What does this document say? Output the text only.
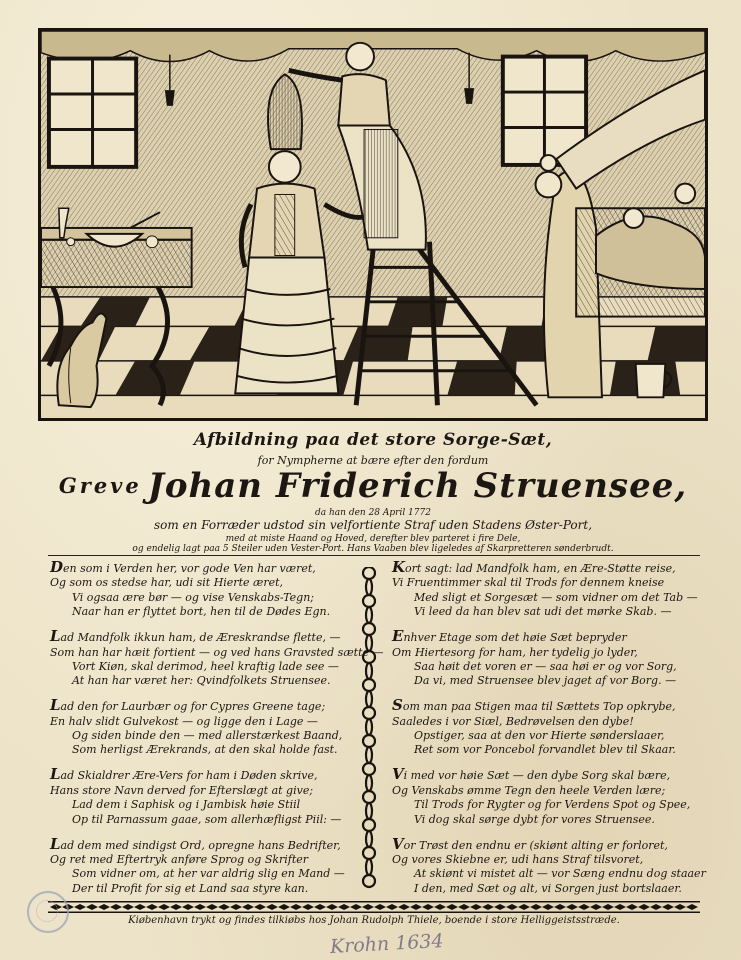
Afbildning paa det store Sorge-Sæt,
for Nympherne at bære efter den fordum
Greve Johan Friderich Struensee,
da han den 28 April 1772
som en Forræder udstod sin velfortiente Straf uden Stadens Øster-Port,
med at miste Haand og Hoved, derefter blev parteret i fire Dele,
og endelig lagt paa 5 Steiler uden Vester-Port. Hans Vaaben blev ligeledes af Skarpretteren sønderbrudt.
Den som i Verden her, vor gode Ven har været,
Og som os stedse har, udi sit Hierte æret,
Vi ogsaa ære bør — og vise Venskabs-Tegn;
Naar han er flyttet bort, hen til de Dødes Egn.
Lad Mandfolk ikkun ham, de Æreskrandse flette, —
Som han har hæit fortient — og ved hans Gravsted sætte —
Vort Kiøn, skal derimod, heel kraftig lade see —
At han har været her: Qvindfolkets Struensee.
Lad den for Laurbær og for Cypres Greene tage;
En halv slidt Gulvekost — og ligge den i Lage —
Og siden binde den — med allerstærkest Baand,
Som herligst Ærekrands, at den skal holde fast.
Lad Skialdrer Ære-Vers for ham i Døden skrive,
Hans store Navn derved for Efterslægt at give;
Lad dem i Saphisk og i Jambisk høie Stiil
Op til Parnassum gaae, som allerhæfligst Piil: —
Lad dem med sindigst Ord, opregne hans Bedrifter,
Og ret med Eftertryk anføre Sprog og Skrifter
Som vidner om, at her var aldrig slig en Mand —
Der til Profit for sig et Land saa styre kan.
Kort sagt: lad Mandfolk ham, en Ære-Støtte reise,
Vi Fruentimmer skal til Trods for dennem kneise
Med sligt et Sorgesæt — som vidner om det Tab —
Vi leed da han blev sat udi det mørke Skab. —
Enhver Etage som det høie Sæt bepryder
Om Hiertesorg for ham, her tydelig jo lyder,
Saa høit det voren er — saa høi er og vor Sorg,
Da vi, med Struensee blev jaget af vor Borg. —
Som man paa Stigen maa til Sættets Top opkrybe,
Saaledes i vor Siæl, Bedrøvelsen den dybe!
Opstiger, saa at den vor Hierte sønderslaaer,
Ret som vor Poncebol forvandlet blev til Skaar.
Vi med vor høie Sæt — den dybe Sorg skal bære,
Og Venskabs ømme Tegn den heele Verden lære;
Til Trods for Rygter og for Verdens Spot og Spee,
Vi dog skal sørge dybt for vores Struensee.
Vor Trøst den endnu er (skiønt alting er forloret,
Og vores Skiebne er, udi hans Straf tilsvoret,
At skiønt vi mistet alt — vor Sæng endnu dog staaer
I den, med Sæt og alt, vi Sorgen just bortslaaer.
Kiøbenhavn trykt og findes tilkiøbs hos Johan Rudolph Thiele, boende i store Helliggeistsstræde.
Krohn 1634
